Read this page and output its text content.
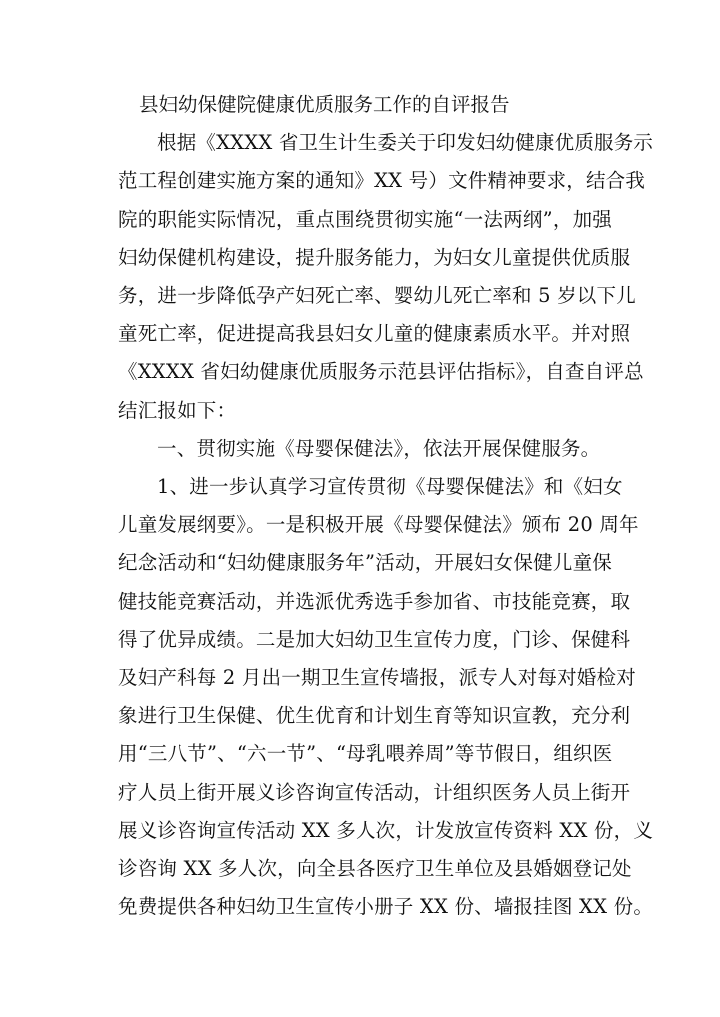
县妇幼保健院健康优质服务工作的自评报告

根据《XXXX 省卫生计生委关于印发妇幼健康优质服务示
范工程创建实施方案的通知》XX 号）文件精神要求，结合我
院的职能实际情况，重点围绕贯彻实施“一法两纲”，加强
妇幼保健机构建设，提升服务能力，为妇女儿童提供优质服
务，进一步降低孕产妇死亡率、婴幼儿死亡率和 5 岁以下儿
童死亡率，促进提高我县妇女儿童的健康素质水平。并对照
《XXXX 省妇幼健康优质服务示范县评估指标》，自查自评总
结汇报如下：

一、贯彻实施《母婴保健法》，依法开展保健服务。

1、进一步认真学习宣传贯彻《母婴保健法》和《妇女
儿童发展纲要》。一是积极开展《母婴保健法》颁布 20 周年
纪念活动和“妇幼健康服务年”活动，开展妇女保健儿童保
健技能竞赛活动，并选派优秀选手参加省、市技能竞赛，取
得了优异成绩。二是加大妇幼卫生宣传力度，门诊、保健科
及妇产科每 2 月出一期卫生宣传墙报，派专人对每对婚检对
象进行卫生保健、优生优育和计划生育等知识宣教，充分利
用“三八节”、“六一节”、“母乳喂养周”等节假日，组织医
疗人员上街开展义诊咨询宣传活动，计组织医务人员上街开
展义诊咨询宣传活动 XX 多人次，计发放宣传资料 XX 份，义
诊咨询 XX 多人次，向全县各医疗卫生单位及县婚姻登记处
免费提供各种妇幼卫生宣传小册子 XX 份、墙报挂图 XX 份。
